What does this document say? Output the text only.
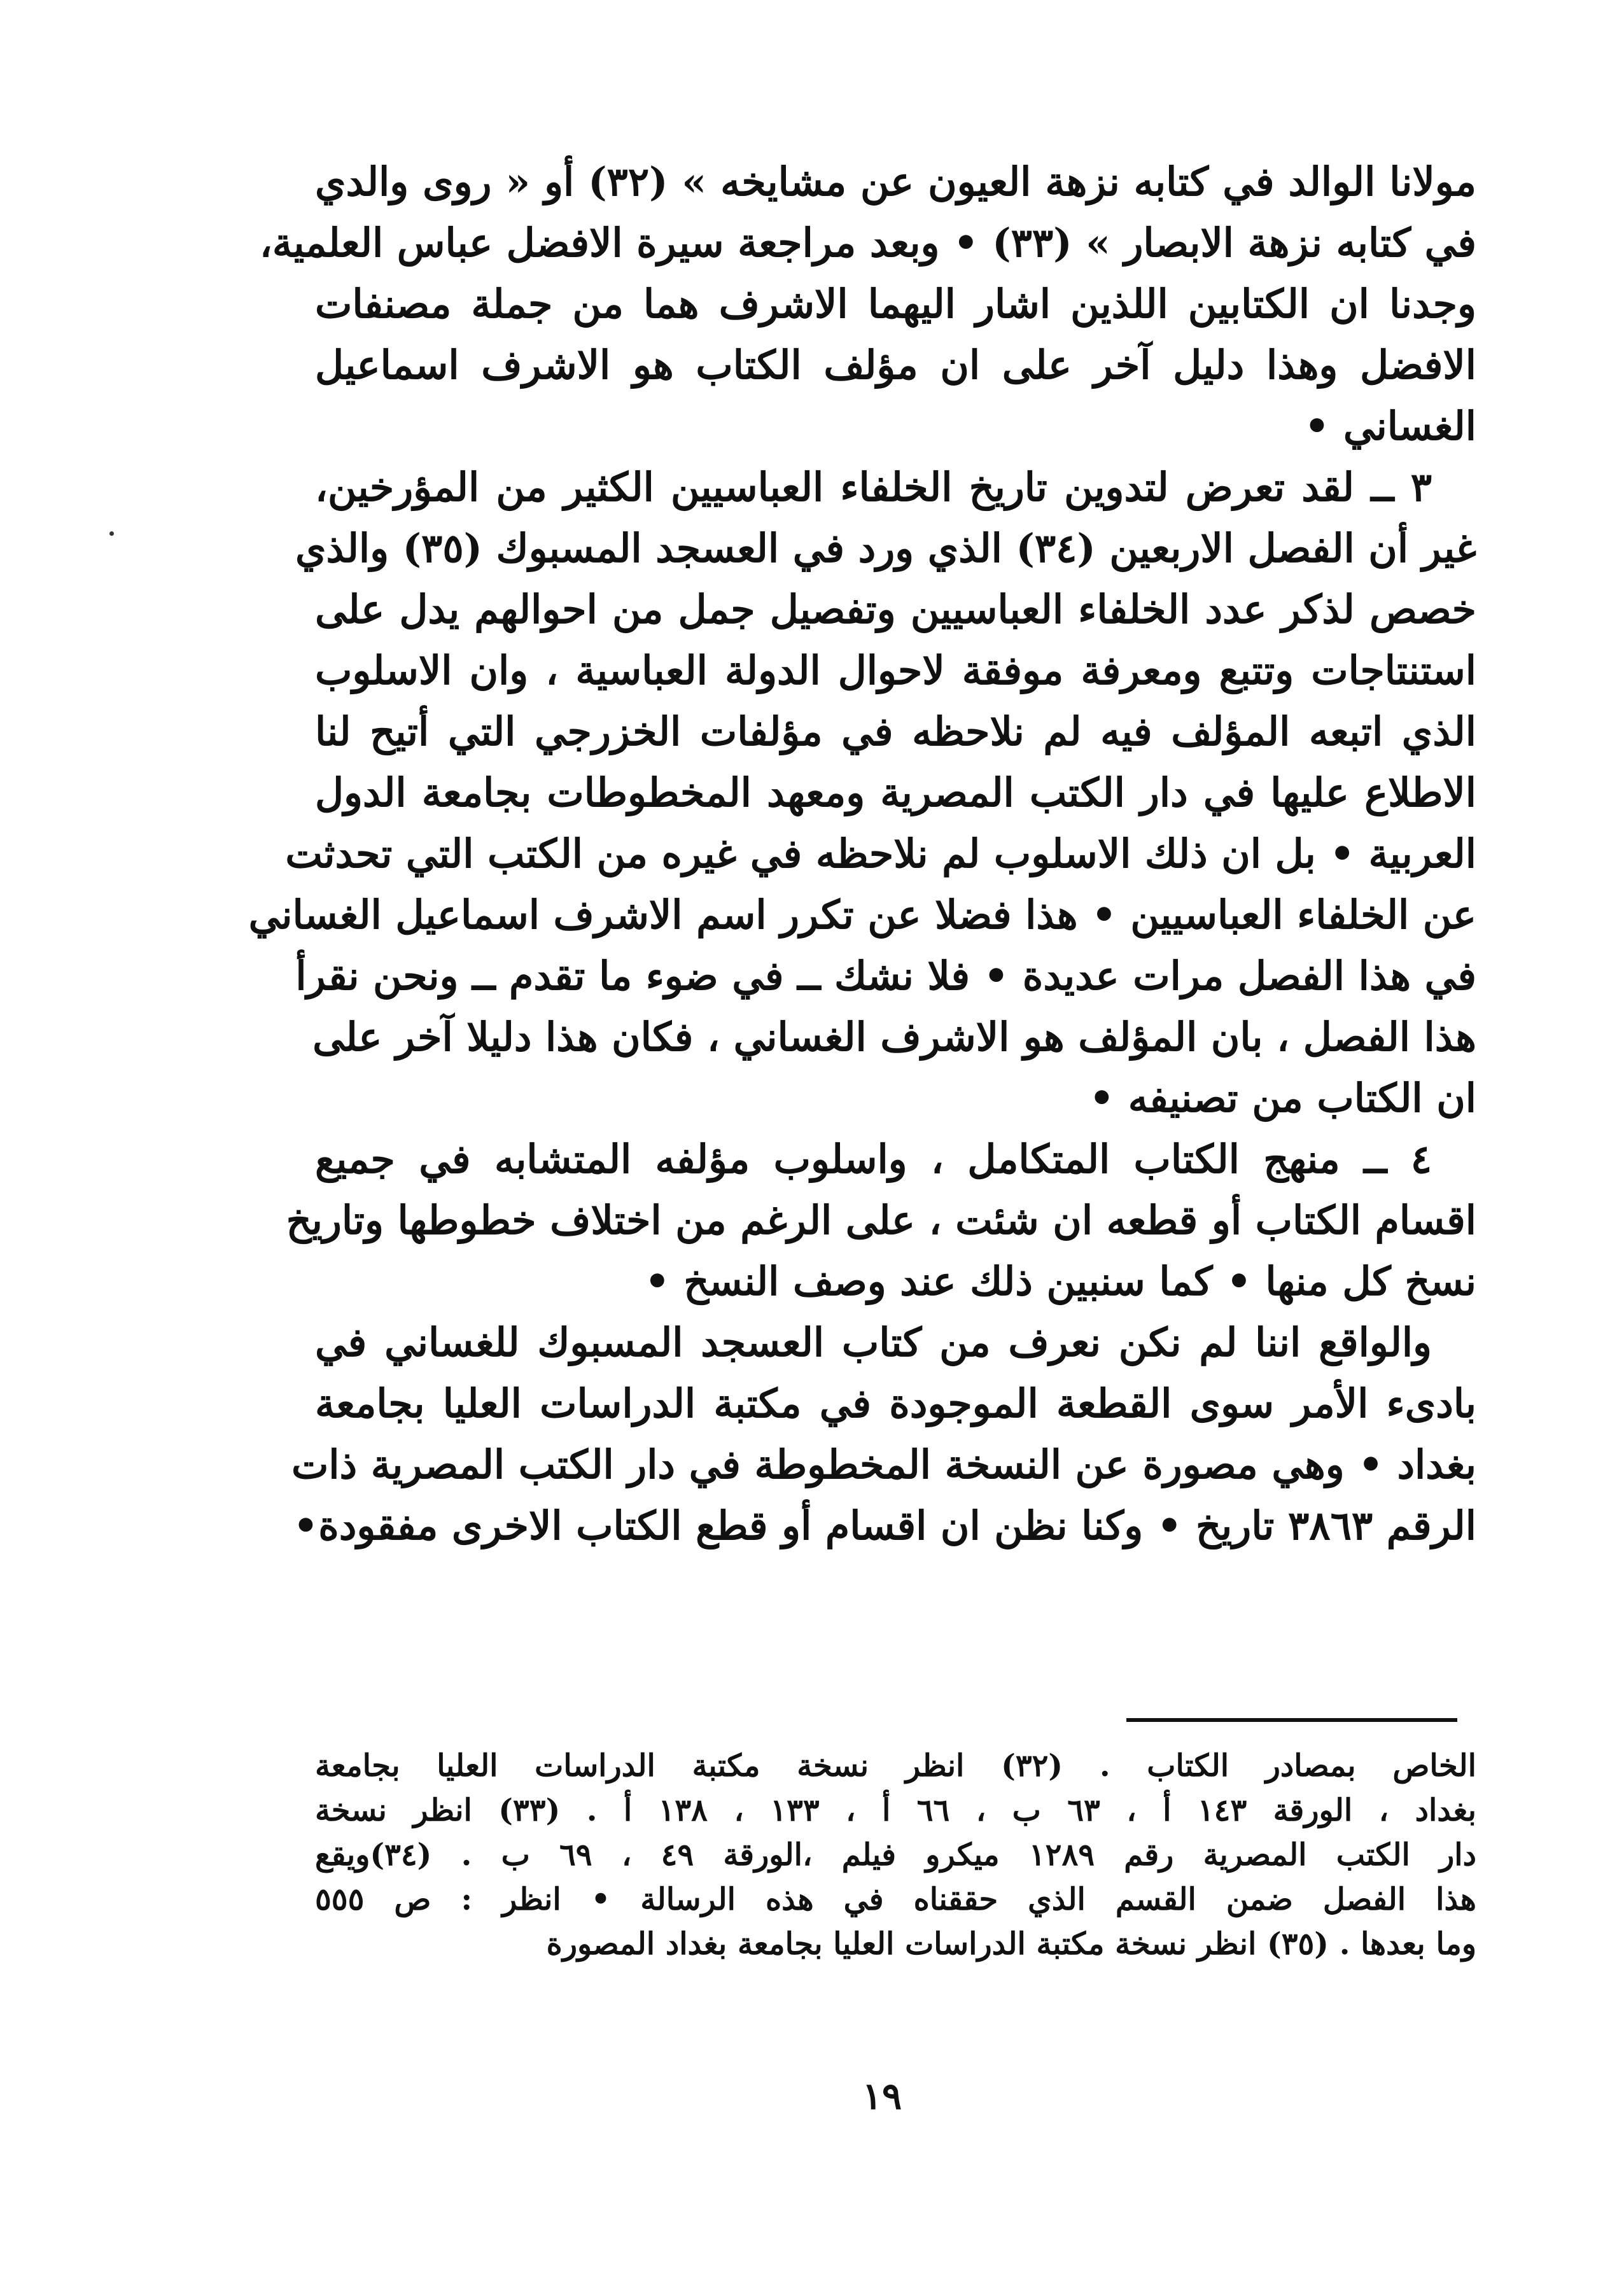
مولانا الوالد في كتابه نزهة العيون عن مشايخه » (٣٢) أو « روى والدي
في كتابه نزهة الابصار » (٣٣) • وبعد مراجعة سيرة الافضل عباس العلمية،
وجدنا ان الكتابين اللذين اشار اليهما الاشرف هما من جملة مصنفات
الافضل وهذا دليل آخر على ان مؤلف الكتاب هو الاشرف اسماعيل
الغساني •
٣ ــ لقد تعرض لتدوين تاريخ الخلفاء العباسيين الكثير من المؤرخين،
غير أن الفصل الاربعين (٣٤) الذي ورد في العسجد المسبوك (٣٥) والذي
خصص لذكر عدد الخلفاء العباسيين وتفصيل جمل من احوالهم يدل على
استنتاجات وتتبع ومعرفة موفقة لاحوال الدولة العباسية ، وان الاسلوب
الذي اتبعه المؤلف فيه لم نلاحظه في مؤلفات الخزرجي التي أتيح لنا
الاطلاع عليها في دار الكتب المصرية ومعهد المخطوطات بجامعة الدول
العربية • بل ان ذلك الاسلوب لم نلاحظه في غيره من الكتب التي تحدثت
عن الخلفاء العباسيين • هذا فضلا عن تكرر اسم الاشرف اسماعيل الغساني
في هذا الفصل مرات عديدة • فلا نشك ــ في ضوء ما تقدم ــ ونحن نقرأ
هذا الفصل ، بان المؤلف هو الاشرف الغساني ، فكان هذا دليلا آخر على
ان الكتاب من تصنيفه •
٤ ــ منهج الكتاب المتكامل ، واسلوب مؤلفه المتشابه في جميع
اقسام الكتاب أو قطعه ان شئت ، على الرغم من اختلاف خطوطها وتاريخ
نسخ كل منها • كما سنبين ذلك عند وصف النسخ •
والواقع اننا لم نكن نعرف من كتاب العسجد المسبوك للغساني في
بادىء الأمر سوى القطعة الموجودة في مكتبة الدراسات العليا بجامعة
بغداد • وهي مصورة عن النسخة المخطوطة في دار الكتب المصرية ذات
الرقم ٣٨٦٣ تاريخ • وكنا نظن ان اقسام أو قطع الكتاب الاخرى مفقودة•
الخاص بمصادر الكتاب . (٣٢) انظر نسخة مكتبة الدراسات العليا بجامعة
بغداد ، الورقة ١٤٣ أ ، ٦٣ ب ، ٦٦ أ ، ١٣٣ ، ١٣٨ أ . (٣٣) انظر نسخة
دار الكتب المصرية رقم ١٢٨٩ ميكرو فيلم ،الورقة ٤٩ ، ٦٩ ب . (٣٤)ويقع
هذا الفصل ضمن القسم الذي حققناه في هذه الرسالة • انظر : ص ٥٥٥
وما بعدها . (٣٥) انظر نسخة مكتبة الدراسات العليا بجامعة بغداد المصورة
١٩
